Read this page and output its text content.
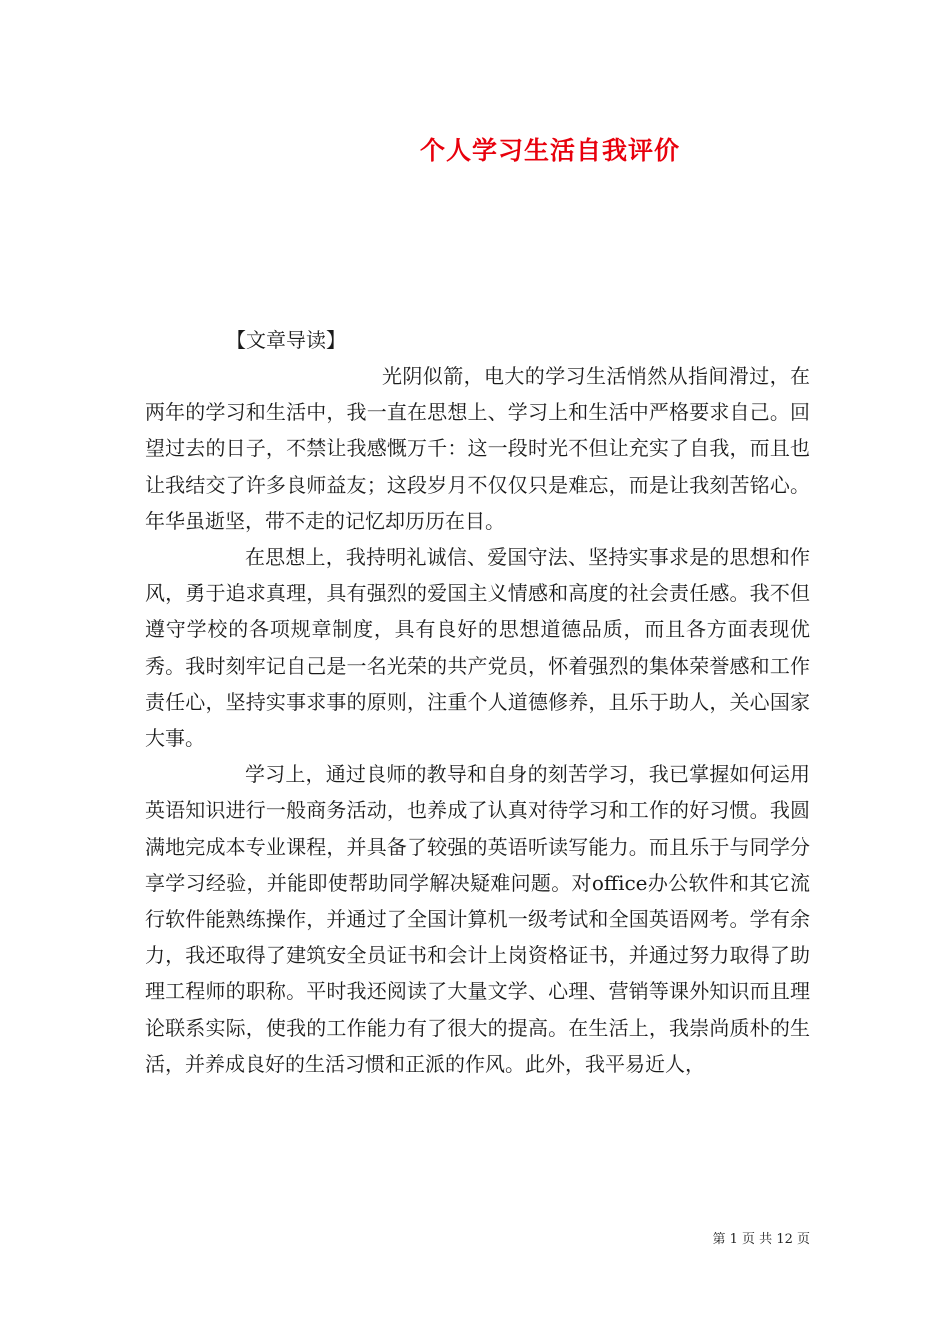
个人学习生活自我评价
【文章导读】

光阴似箭，电大的学习生活悄然从指间滑过，在两年的学习和生活中，我一直在思想上、学习上和生活中严格要求自己。回望过去的日子，不禁让我感慨万千：这一段时光不但让充实了自我，而且也让我结交了许多良师益友；这段岁月不仅仅只是难忘，而是让我刻苦铭心。年华虽逝坚，带不走的记忆却历历在目。

在思想上，我持明礼诚信、爱国守法、坚持实事求是的思想和作风，勇于追求真理，具有强烈的爱国主义情感和高度的社会责任感。我不但遵守学校的各项规章制度，具有良好的思想道德品质，而且各方面表现优秀。我时刻牢记自己是一名光荣的共产党员，怀着强烈的集体荣誉感和工作责任心，坚持实事求事的原则，注重个人道德修养，且乐于助人，关心国家大事。

学习上，通过良师的教导和自身的刻苦学习，我已掌握如何运用英语知识进行一般商务活动，也养成了认真对待学习和工作的好习惯。我圆满地完成本专业课程，并具备了较强的英语听读写能力。而且乐于与同学分享学习经验，并能即使帮助同学解决疑难问题。对office办公软件和其它流行软件能熟练操作，并通过了全国计算机一级考试和全国英语网考。学有余力，我还取得了建筑安全员证书和会计上岗资格证书，并通过努力取得了助理工程师的职称。平时我还阅读了大量文学、心理、营销等课外知识而且理论联系实际，使我的工作能力有了很大的提高。在生活上，我崇尚质朴的生活，并养成良好的生活习惯和正派的作风。此外，我平易近人，

第 1 页 共 12 页
